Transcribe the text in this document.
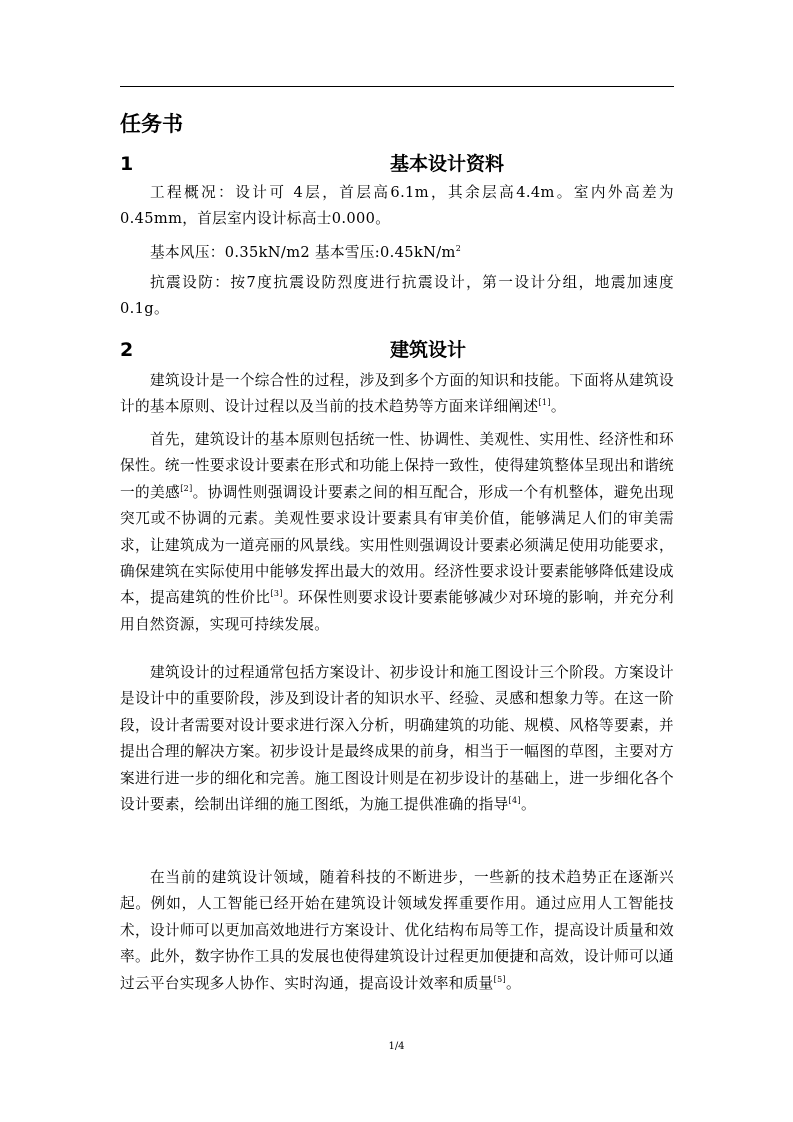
任务书
1	基本设计资料

工程概况：设计可 4层，首层高6.1m，其余层高4.4m。室内外高差为0.45mm，首层室内设计标高士0.000。

基本风压：0.35kN/m2 基本雪压$:0.45kN/m^2$

抗震设防：按7度抗震设防烈度进行抗震设计，第一设计分组，地震加速度0.1g。

2	建筑设计

建筑设计是一个综合性的过程，涉及到多个方面的知识和技能。下面将从建筑设计的基本原则、设计过程以及当前的技术趋势等方面来详细阐述[1]。

首先，建筑设计的基本原则包括统一性、协调性、美观性、实用性、经济性和环保性。统一性要求设计要素在形式和功能上保持一致性，使得建筑整体呈现出和谐统一的美感[2]。协调性则强调设计要素之间的相互配合，形成一个有机整体，避免出现突兀或不协调的元素。美观性要求设计要素具有审美价值，能够满足人们的审美需求，让建筑成为一道亮丽的风景线。实用性则强调设计要素必须满足使用功能要求，确保建筑在实际使用中能够发挥出最大的效用。经济性要求设计要素能够降低建设成本，提高建筑的性价比[3]。环保性则要求设计要素能够减少对环境的影响，并充分利用自然资源，实现可持续发展。

建筑设计的过程通常包括方案设计、初步设计和施工图设计三个阶段。方案设计是设计中的重要阶段，涉及到设计者的知识水平、经验、灵感和想象力等。在这一阶段，设计者需要对设计要求进行深入分析，明确建筑的功能、规模、风格等要素，并提出合理的解决方案。初步设计是最终成果的前身，相当于一幅图的草图，主要对方案进行进一步的细化和完善。施工图设计则是在初步设计的基础上，进一步细化各个设计要素，绘制出详细的施工图纸，为施工提供准确的指导[4]。

在当前的建筑设计领域，随着科技的不断进步，一些新的技术趋势正在逐渐兴起。例如，人工智能已经开始在建筑设计领域发挥重要作用。通过应用人工智能技术，设计师可以更加高效地进行方案设计、优化结构布局等工作，提高设计质量和效率。此外，数字协作工具的发展也使得建筑设计过程更加便捷和高效，设计师可以通过云平台实现多人协作、实时沟通，提高设计效率和质量[5]。

1/4
